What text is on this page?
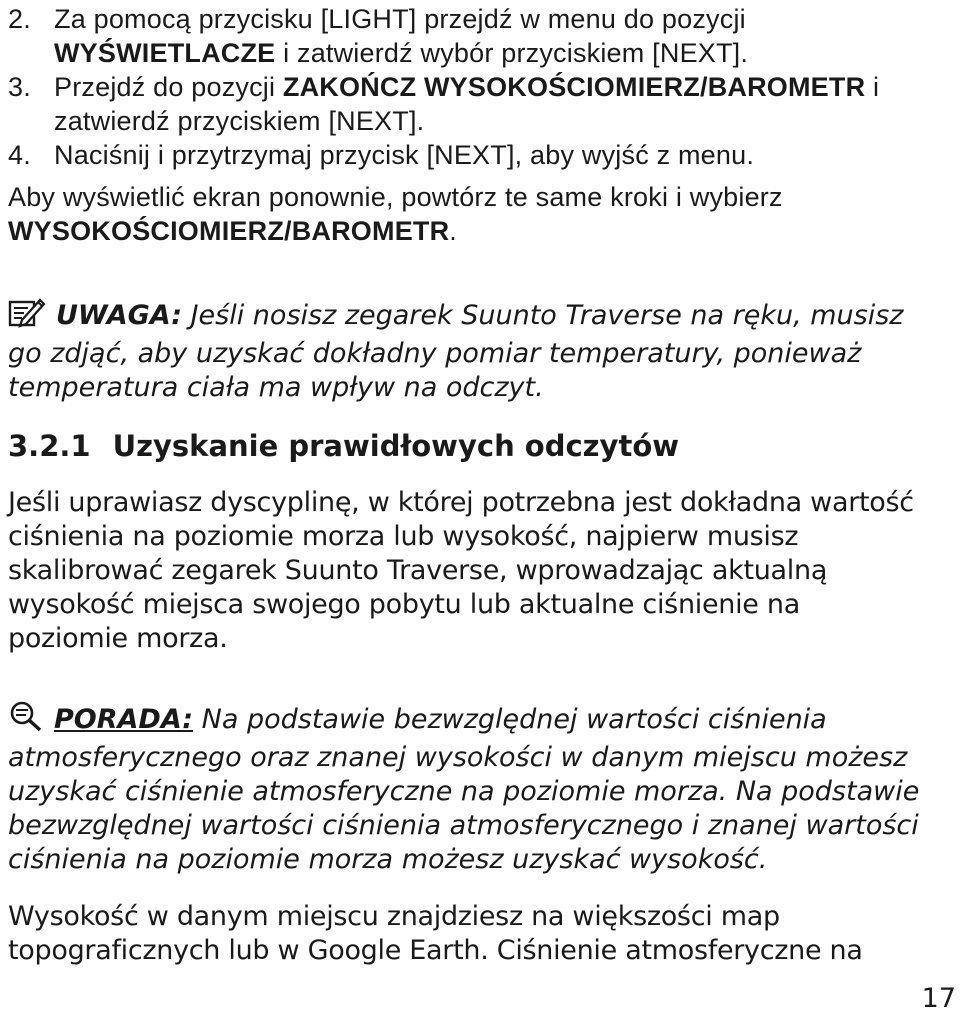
2. Za pomocą przycisku [LIGHT] przejdź w menu do pozycji
WYŚWIETLACZE i zatwierdź wybór przyciskiem [NEXT].
3. Przejdź do pozycji ZAKOŃCZ WYSOKOŚCIOMIERZ/BAROMETR i
zatwierdź przyciskiem [NEXT].
4. Naciśnij i przytrzymaj przycisk [NEXT], aby wyjść z menu.
Aby wyświetlić ekran ponownie, powtórz te same kroki i wybierz
WYSOKOŚCIOMIERZ/BAROMETR.
UWAGA: Jeśli nosisz zegarek Suunto Traverse na ręku, musisz
go zdjąć, aby uzyskać dokładny pomiar temperatury, ponieważ
temperatura ciała ma wpływ na odczyt.
3.2.1 Uzyskanie prawidłowych odczytów
Jeśli uprawiasz dyscyplinę, w której potrzebna jest dokładna wartość
ciśnienia na poziomie morza lub wysokość, najpierw musisz
skalibrować zegarek Suunto Traverse, wprowadzając aktualną
wysokość miejsca swojego pobytu lub aktualne ciśnienie na
poziomie morza.
PORADA: Na podstawie bezwzględnej wartości ciśnienia
atmosferycznego oraz znanej wysokości w danym miejscu możesz
uzyskać ciśnienie atmosferyczne na poziomie morza. Na podstawie
bezwzględnej wartości ciśnienia atmosferycznego i znanej wartości
ciśnienia na poziomie morza możesz uzyskać wysokość.
Wysokość w danym miejscu znajdziesz na większości map
topograficznych lub w Google Earth. Ciśnienie atmosferyczne na
17
